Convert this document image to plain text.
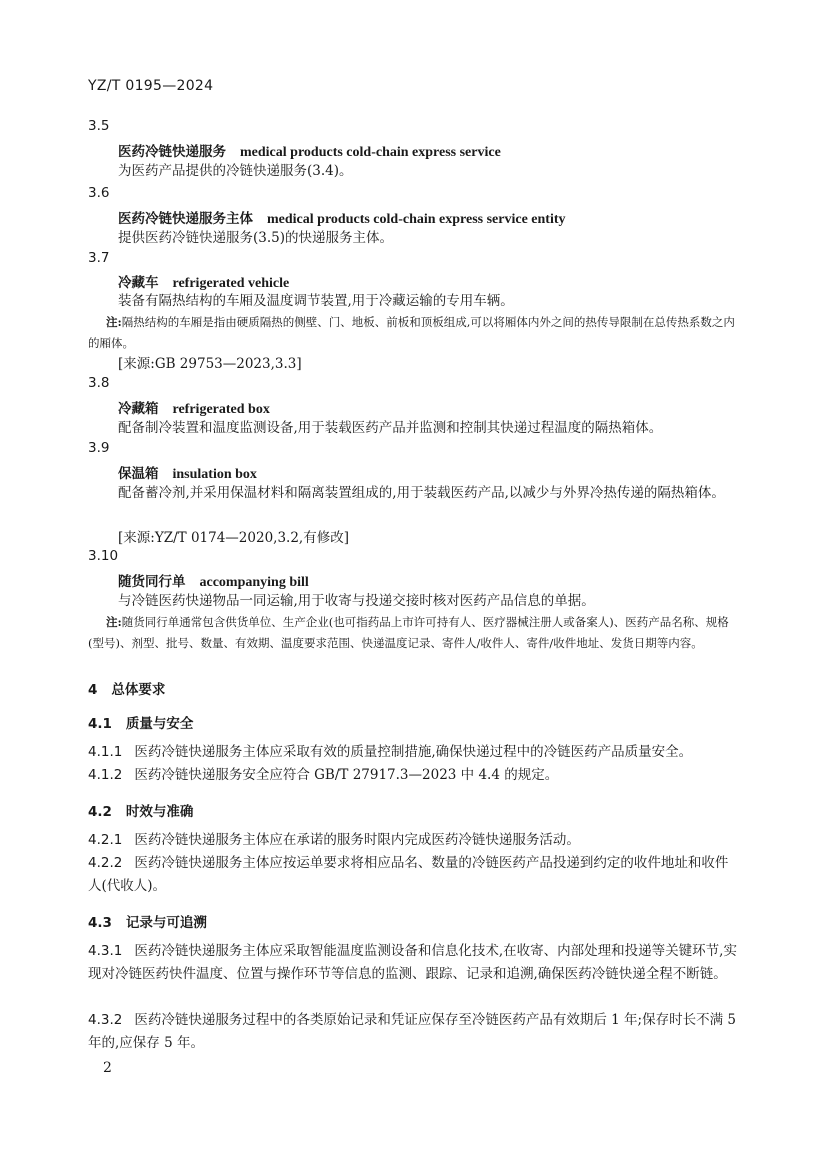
YZ/T 0195—2024
3.5
医药冷链快递服务 medical products cold-chain express service
为医药产品提供的冷链快递服务(3.4)。
3.6
医药冷链快递服务主体 medical products cold-chain express service entity
提供医药冷链快递服务(3.5)的快递服务主体。
3.7
冷藏车 refrigerated vehicle
装备有隔热结构的车厢及温度调节装置,用于冷藏运输的专用车辆。
注:隔热结构的车厢是指由硬质隔热的侧壁、门、地板、前板和顶板组成,可以将厢体内外之间的热传导限制在总传热系数之内的厢体。
[来源:GB 29753—2023,3.3]
3.8
冷藏箱 refrigerated box
配备制冷装置和温度监测设备,用于装载医药产品并监测和控制其快递过程温度的隔热箱体。
3.9
保温箱 insulation box
配备蓄冷剂,并采用保温材料和隔离装置组成的,用于装载医药产品,以减少与外界冷热传递的隔热箱体。
[来源:YZ/T 0174—2020,3.2,有修改]
3.10
随货同行单 accompanying bill
与冷链医药快递物品一同运输,用于收寄与投递交接时核对医药产品信息的单据。
注:随货同行单通常包含供货单位、生产企业(也可指药品上市许可持有人、医疗器械注册人或备案人)、医药产品名称、规格(型号)、剂型、批号、数量、有效期、温度要求范围、快递温度记录、寄件人/收件人、寄件/收件地址、发货日期等内容。
4 总体要求
4.1 质量与安全
4.1.1 医药冷链快递服务主体应采取有效的质量控制措施,确保快递过程中的冷链医药产品质量安全。
4.1.2 医药冷链快递服务安全应符合 GB/T 27917.3—2023 中 4.4 的规定。
4.2 时效与准确
4.2.1 医药冷链快递服务主体应在承诺的服务时限内完成医药冷链快递服务活动。
4.2.2 医药冷链快递服务主体应按运单要求将相应品名、数量的冷链医药产品投递到约定的收件地址和收件人(代收人)。
4.3 记录与可追溯
4.3.1 医药冷链快递服务主体应采取智能温度监测设备和信息化技术,在收寄、内部处理和投递等关键环节,实现对冷链医药快件温度、位置与操作环节等信息的监测、跟踪、记录和追溯,确保医药冷链快递全程不断链。
4.3.2 医药冷链快递服务过程中的各类原始记录和凭证应保存至冷链医药产品有效期后 1 年;保存时长不满 5 年的,应保存 5 年。
2
